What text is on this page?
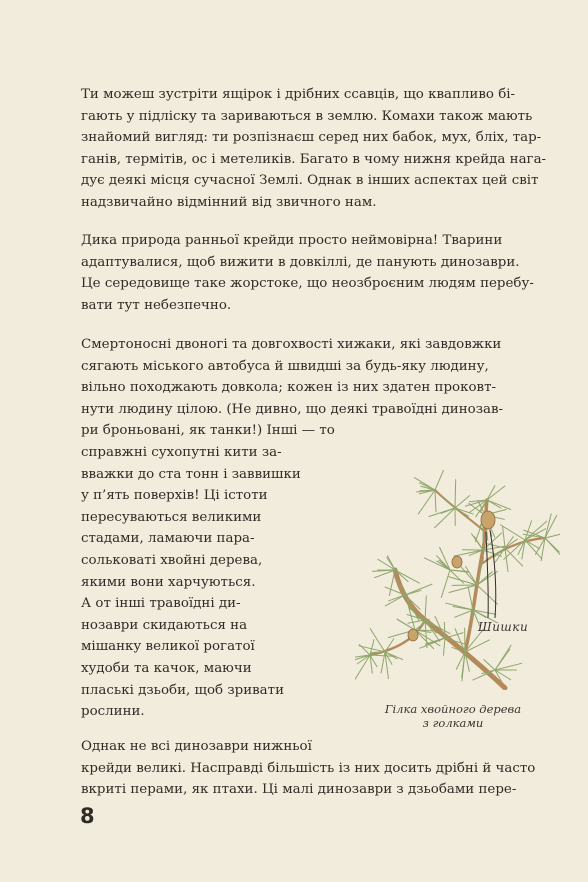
Ти можеш зустріти ящірок і дрібних ссавців, що квапливо бі-
гають у підліску та зариваються в землю. Комахи також мають
знайомий вигляд: ти розпізнаєш серед них бабок, мух, бліх, тар-
ганів, термітів, ос і метеликів. Багато в чому нижня крейда нага-
дує деякі місця сучасної Землі. Однак в інших аспектах цей світ
надзвичайно відмінний від звичного нам.

Дика природа ранньої крейди просто неймовірна! Тварини
адаптувалися, щоб вижити в довкіллі, де панують динозаври.
Це середовище таке жорстоке, що неозброєним людям перебу-
вати тут небезпечно.

Смертоносні двоногі та довгохвості хижаки, які завдовжки
сягають міського автобуса й швидші за будь-яку людину,
вільно походжають довкола; кожен із них здатен проковт-
нути людину цілою. (Не дивно, що деякі травоїдні динозав-
ри броньовані, як танки!) Інші — то
справжні сухопутні кити за-
вважки до ста тонн і заввишки
у п’ять поверхів! Ці істоти
пересуваються великими
стадами, ламаючи пара-
сольковаті хвойні дерева,
якими вони харчуються.
А от інші травоїдні ди-
нозаври скидаються на
мішанку великої рогатої
худоби та качок, маючи
плаські дзьоби, щоб зривати
рослини.

Однак не всі динозаври нижньої
крейди великі. Насправді більшість із них досить дрібні й часто
вкриті перами, як птахи. Ці малі динозаври з дзьобами пере-

Шишки
Гілка хвойного дерева
з голками
8
